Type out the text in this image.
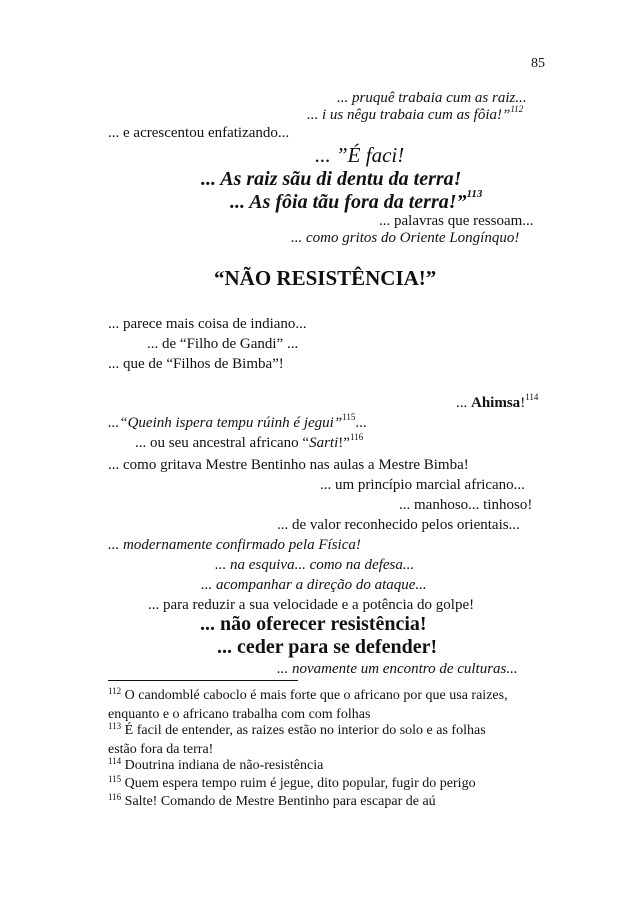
85
... pruquê trabaia cum as raiz...
... i us nêgu trabaia cum as fôia!”$^{112}$
... e acrescentou enfatizando...
... ”É faci!
... As raiz sãu di dentu da terra!
... As fôia tãu fora da terra!”$^{113}$
... palavras que ressoam...
... como gritos do Oriente Longínquo!
“NÃO RESISTÊNCIA!”
... parece mais coisa de indiano...
... de “Filho de Gandi” ...
... que de “Filhos de Bimba”!
... Ahimsa!$^{114}$
...“Queinh ispera tempu rúinh é jegui”$^{115}$...
... ou seu ancestral africano “Sarti!”$^{116}$
... como gritava Mestre Bentinho nas aulas a Mestre Bimba!
... um princípio marcial africano...
... manhoso... tinhoso!
... de valor reconhecido pelos orientais...
... modernamente confirmado pela Física!
... na esquiva... como na defesa...
... acompanhar a direção do ataque...
... para reduzir a sua velocidade e a potência do golpe!
... não oferecer resistência!
... ceder para se defender!
... novamente um encontro de culturas...
$^{112}$ O candomblé caboclo é mais forte que o africano por que usa raizes,
enquanto e o africano trabalha com com folhas
$^{113}$ É facil de entender, as raizes estão no interior do solo e as folhas
estão fora da terra!
$^{114}$ Doutrina indiana de não-resistência
$^{115}$ Quem espera tempo ruim é jegue, dito popular, fugir do perigo
$^{116}$ Salte! Comando de Mestre Bentinho para escapar de aú
